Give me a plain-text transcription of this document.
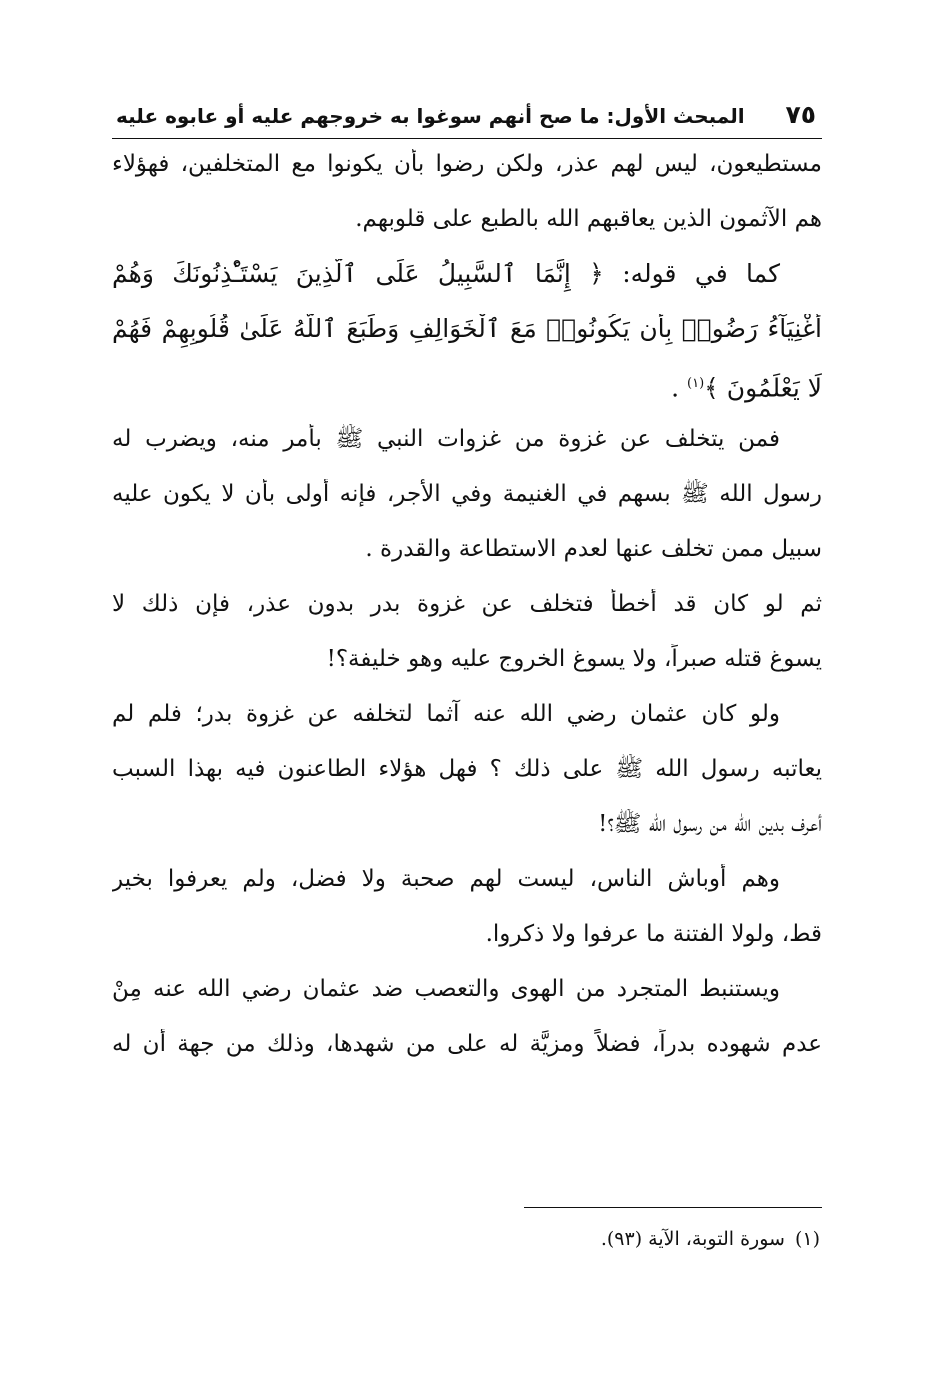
٧٥
المبحث الأول: ما صح أنهم سوغوا به خروجهم عليه أو عابوه عليه
مستطيعون، ليس لهم عذر، ولكن رضوا بأن يكونوا مع المتخلفين، فهؤلاء
هم الآثمون الذين يعاقبهم الله بالطبع على قلوبهم.
كما في قوله: ﴿ إِنَّمَا ٱلسَّبِيلُ عَلَى ٱلَّذِينَ يَسْتَـْٔذِنُونَكَ وَهُمْ
أَغْنِيَآءُ رَضُوا۟ بِأَن يَكُونُوا۟ مَعَ ٱلْخَوَالِفِ وَطَبَعَ ٱللَّهُ عَلَىٰ قُلُوبِهِمْ فَهُمْ
لَا يَعْلَمُونَ ﴾$^{(١)}$ .
فمن يتخلف عن غزوة من غزوات النبي ﷺ بأمر منه، ويضرب له
رسول الله ﷺ بسهم في الغنيمة وفي الأجر، فإنه أولى بأن لا يكون عليه
سبيل ممن تخلف عنها لعدم الاستطاعة والقدرة .
ثم لو كان قد أخطأ فتخلف عن غزوة بدر بدون عذر، فإن ذلك لا
يسوغ قتله صبراً، ولا يسوغ الخروج عليه وهو خليفة؟!
ولو كان عثمان رضي الله عنه آثما لتخلفه عن غزوة بدر؛ فلم لم
يعاتبه رسول الله ﷺ على ذلك ؟ فهل هؤلاء الطاعنون فيه بهذا السبب
أعرف بدين الله من رسول الله ﷺ؟!
وهم أوباش الناس، ليست لهم صحبة ولا فضل، ولم يعرفوا بخير
قط، ولولا الفتنة ما عرفوا ولا ذكروا.
ويستنبط المتجرد من الهوى والتعصب ضد عثمان رضي الله عنه مِنْ
عدم شهوده بدراً، فضلاً ومزيَّة له على من شهدها، وذلك من جهة أن له
(١)سورة التوبة، الآية (٩٣).
